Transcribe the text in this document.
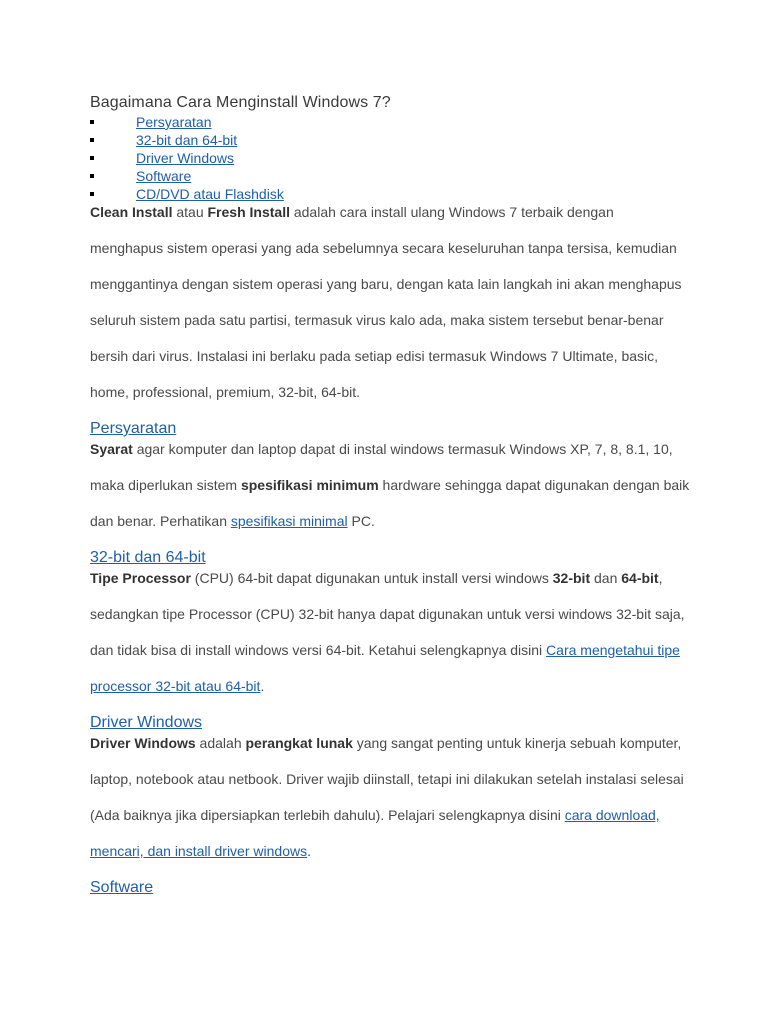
Bagaimana Cara Menginstall Windows 7?
Persyaratan
32-bit dan 64-bit
Driver Windows
Software
CD/DVD atau Flashdisk

Clean Install atau Fresh Install adalah cara install ulang Windows 7 terbaik dengan menghapus sistem operasi yang ada sebelumnya secara keseluruhan tanpa tersisa, kemudian menggantinya dengan sistem operasi yang baru, dengan kata lain langkah ini akan menghapus seluruh sistem pada satu partisi, termasuk virus kalo ada, maka sistem tersebut benar-benar bersih dari virus. Instalasi ini berlaku pada setiap edisi termasuk Windows 7 Ultimate, basic, home, professional, premium, 32-bit, 64-bit.

Persyaratan

Syarat agar komputer dan laptop dapat di instal windows termasuk Windows XP, 7, 8, 8.1, 10, maka diperlukan sistem spesifikasi minimum hardware sehingga dapat digunakan dengan baik dan benar. Perhatikan spesifikasi minimal PC.

32-bit dan 64-bit

Tipe Processor (CPU) 64-bit dapat digunakan untuk install versi windows 32-bit dan 64-bit, sedangkan tipe Processor (CPU) 32-bit hanya dapat digunakan untuk versi windows 32-bit saja, dan tidak bisa di install windows versi 64-bit. Ketahui selengkapnya disini Cara mengetahui tipe processor 32-bit atau 64-bit.

Driver Windows

Driver Windows adalah perangkat lunak yang sangat penting untuk kinerja sebuah komputer, laptop, notebook atau netbook. Driver wajib diinstall, tetapi ini dilakukan setelah instalasi selesai (Ada baiknya jika dipersiapkan terlebih dahulu). Pelajari selengkapnya disini cara download, mencari, dan install driver windows.

Software
